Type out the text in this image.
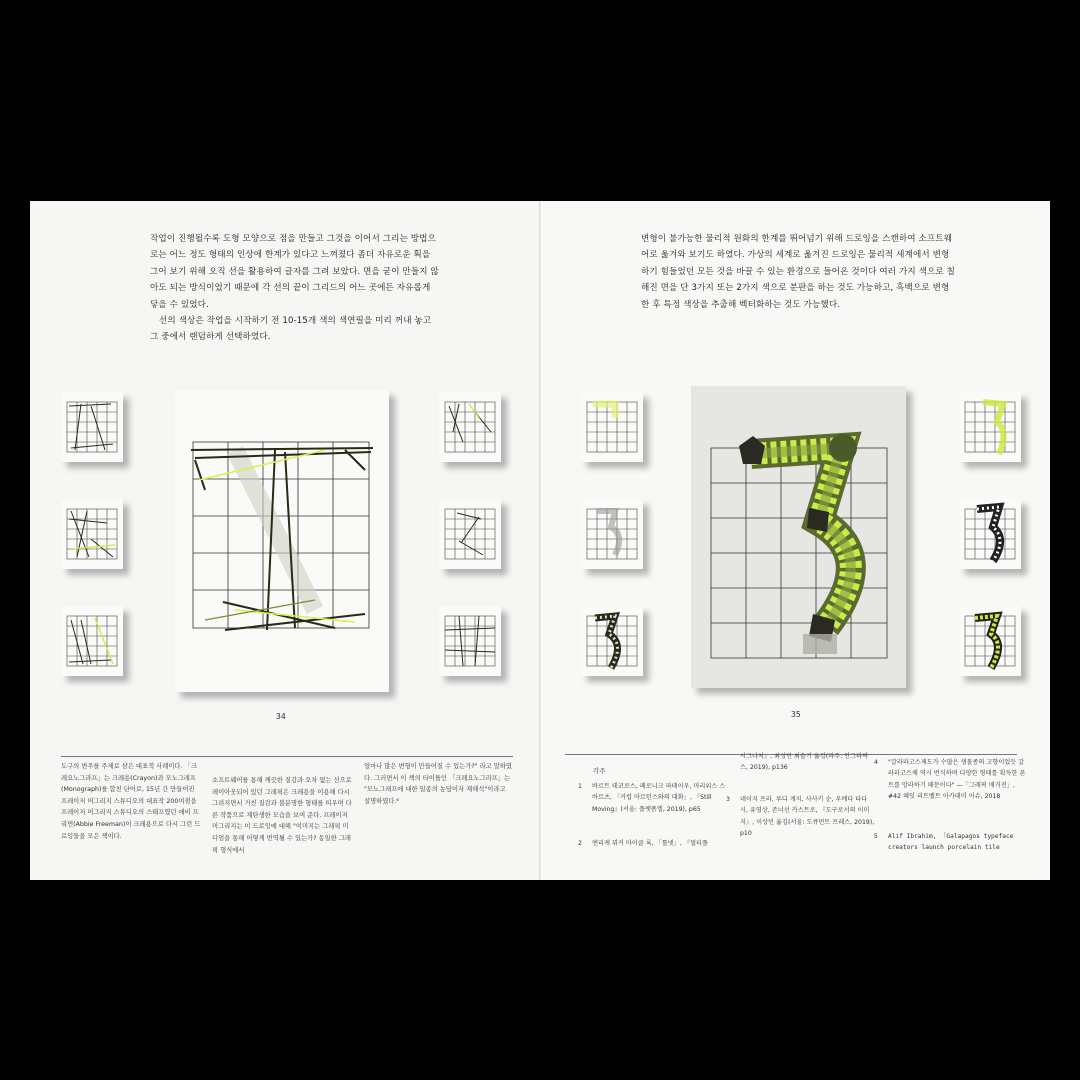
작업이 진행될수록 도형 모양으로 점을 만들고 그것을 이어서 그리는 방법으로는 어느 정도 형태의 인상에 한계가 있다고 느껴졌다 좀더 자유로운 획을 그어 보기 위해 오직 선을 활용하여 글자를 그려 보았다. 면을 굳이 만들지 않아도 되는 방식이었기 때문에 각 선의 끝이 그리드의 어느 곳에든 자유롭게 닿을 수 있었다.

선의 색상은 작업을 시작하기 전 10-15개 색의 색연필을 미리 꺼내 놓고 그 중에서 랜덤하게 선택하였다.

34
도구의 변주를 주제로 삼은 대표적 사례이다. 「크레요노그라프」는 크레용(Crayon)과 모노그래프(Monograph)를 합친 단어로, 15년 간 만들어진 프레이저 머그리지 스튜디오의 대표작 200여점을 프레이저 머그리지 스튜디오의 스태프였던 애비 프리먼(Abbie Freeman)이 크레용으로 다시 그린 드로잉들을 모은 책이다.
소프트웨어를 통해 깨끗한 질감과 오차 없는 선으로 레이아웃되어 있던 그래픽은 크레용을 이용해 다시 그려지면서 거친 질감과 불분명한 형태를 띠우며 다른 작품으로 재탄생한 모습을 보여 준다. 프레이저 머그리지는 이 드로잉에 대해 "이미지는 그래픽 미디엄을 통해 어떻게 번역될 수 있는가? 동일한 그래픽 형식에서
얼마나 많은 변형이 만들어질 수 있는가?" 라고 말하였다. 그러면서 이 책의 타이틀인 「크레요노그라프」는 "모노그래프에 대한 일종의 농담이자 재해석"이라고 설명하였다.⁶

변형이 불가능한 물리적 원화의 한계를 뛰어넘기 위해 드로잉을 스캔하여 소프트웨어로 옮겨와 보기도 하였다. 가상의 세계로 옮겨진 드로잉은 물리적 세계에서 변형하기 힘들었던 모든 것을 바꿀 수 있는 환경으로 들어온 것이다 여러 가지 색으로 칠해진 면을 단 3가지 또는 2가지 색으로 분판을 하는 것도 가능하고, 흑백으로 변형한 후 특정 색상을 추출해 벡터화하는 것도 가능했다.

35
각주
1 바르트 데코로스, 페로니크 파테이우, 마리위스 스바르츠, 「커럽 마르턴스와의 대화」, 『Still Moving』(서울: 플랫폼엘, 2019), p65
2 엔리케 뮈커 마이클 록, 「툴넷」, 『멀티플
시그나처』, 최성민 최슬기 옮김(파주: 안그라픽스, 2019), p136
3 네이지 프라, 루디 게지, 사사키 순, 우메다 타다시, 유영상, 존너선 카스트로, 『도구로서의 이미지』, 이상민 옮김(서울: 도큐먼트 프레스, 2019), p10
4 "갈라파고스제도가 수많은 생물종의 고향이었듯 갈라파고스체 역시 번식하며 다양한 형태를 획득한 폰트를 망라하기 때문이다" —「그래픽 매거진」, #42 혜잇 리트벨트 아카데미 이슈, 2018
5 Alif Ibrahim, 「Galapagos typeface creators launch porcelain tile
